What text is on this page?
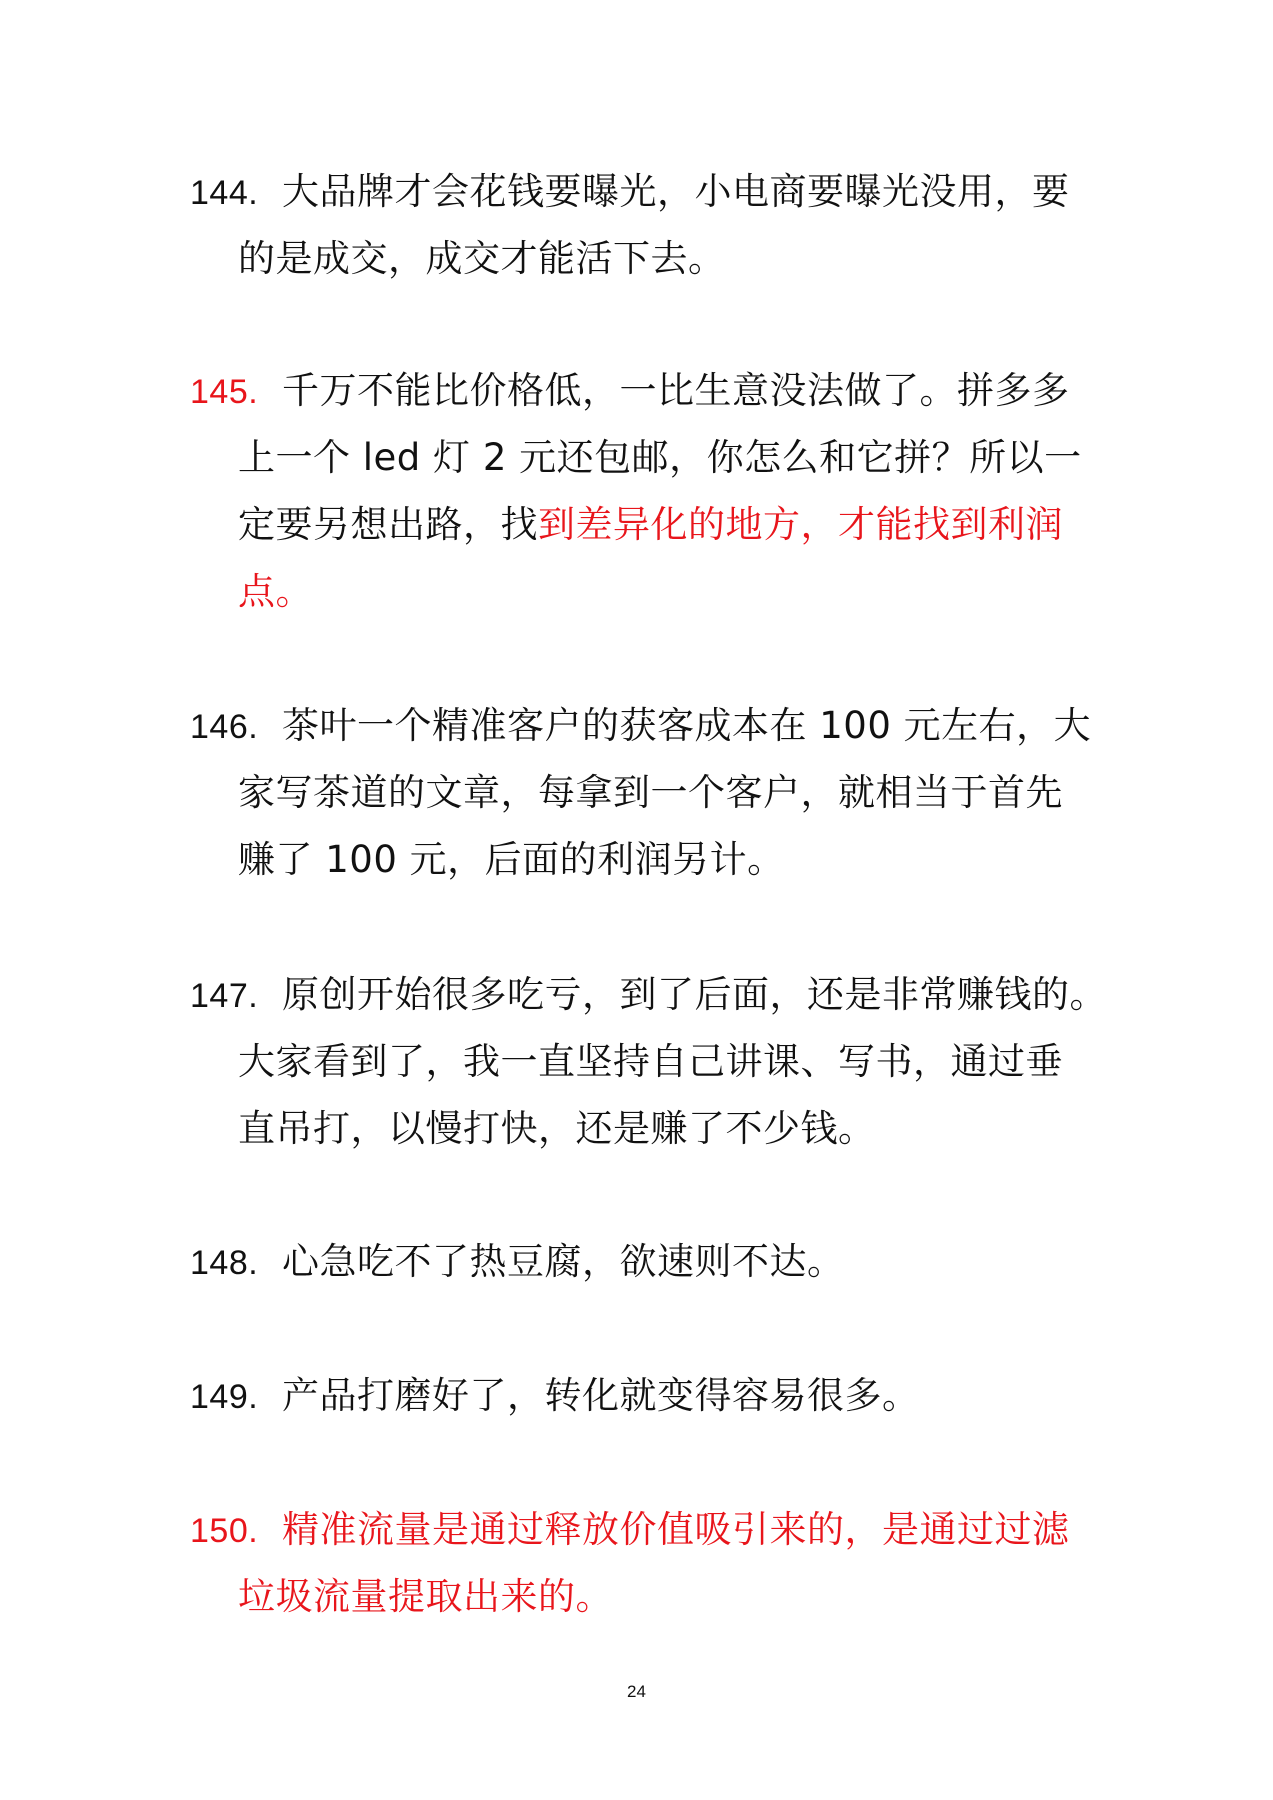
144. 大品牌才会花钱要曝光，小电商要曝光没用，要
的是成交，成交才能活下去。
145. 千万不能比价格低，一比生意没法做了。拼多多
上一个 led 灯 2 元还包邮，你怎么和它拼？所以一
定要另想出路，找到差异化的地方，才能找到利润
点。
146. 茶叶一个精准客户的获客成本在 100 元左右，大
家写茶道的文章，每拿到一个客户，就相当于首先
赚了 100 元，后面的利润另计。
147. 原创开始很多吃亏，到了后面，还是非常赚钱的。
大家看到了，我一直坚持自己讲课、写书，通过垂
直吊打，以慢打快，还是赚了不少钱。
148. 心急吃不了热豆腐，欲速则不达。
149. 产品打磨好了，转化就变得容易很多。
150. 精准流量是通过释放价值吸引来的，是通过过滤
垃圾流量提取出来的。
24
